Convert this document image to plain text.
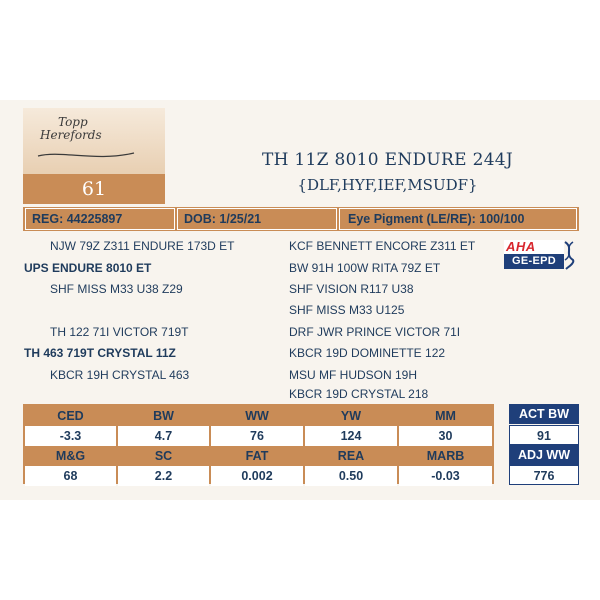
Topp
Herefords
61
TH 11Z 8010 ENDURE 244J
{DLF,HYF,IEF,MSUDF}
REG: 44225897	DOB: 1/25/21	Eye Pigment (LE/RE): 100/100
NJW 79Z Z311 ENDURE 173D ET
UPS ENDURE 8010 ET
SHF MISS M33 U38 Z29
TH 122 71I VICTOR 719T
TH 463 719T CRYSTAL 11Z
KBCR 19H CRYSTAL 463
KCF BENNETT ENCORE Z311 ET
BW 91H 100W RITA 79Z ET
SHF VISION R117 U38
SHF MISS M33 U125
DRF JWR PRINCE VICTOR 71I
KBCR 19D DOMINETTE 122
MSU MF HUDSON 19H
KBCR 19D CRYSTAL 218
AHA
GE-EPD
CED	BW	WW	YW	MM
-3.3	4.7	76	124	30
M&G	SC	FAT	REA	MARB
68	2.2	0.002	0.50	-0.03
ACT BW
91
ADJ WW
776
